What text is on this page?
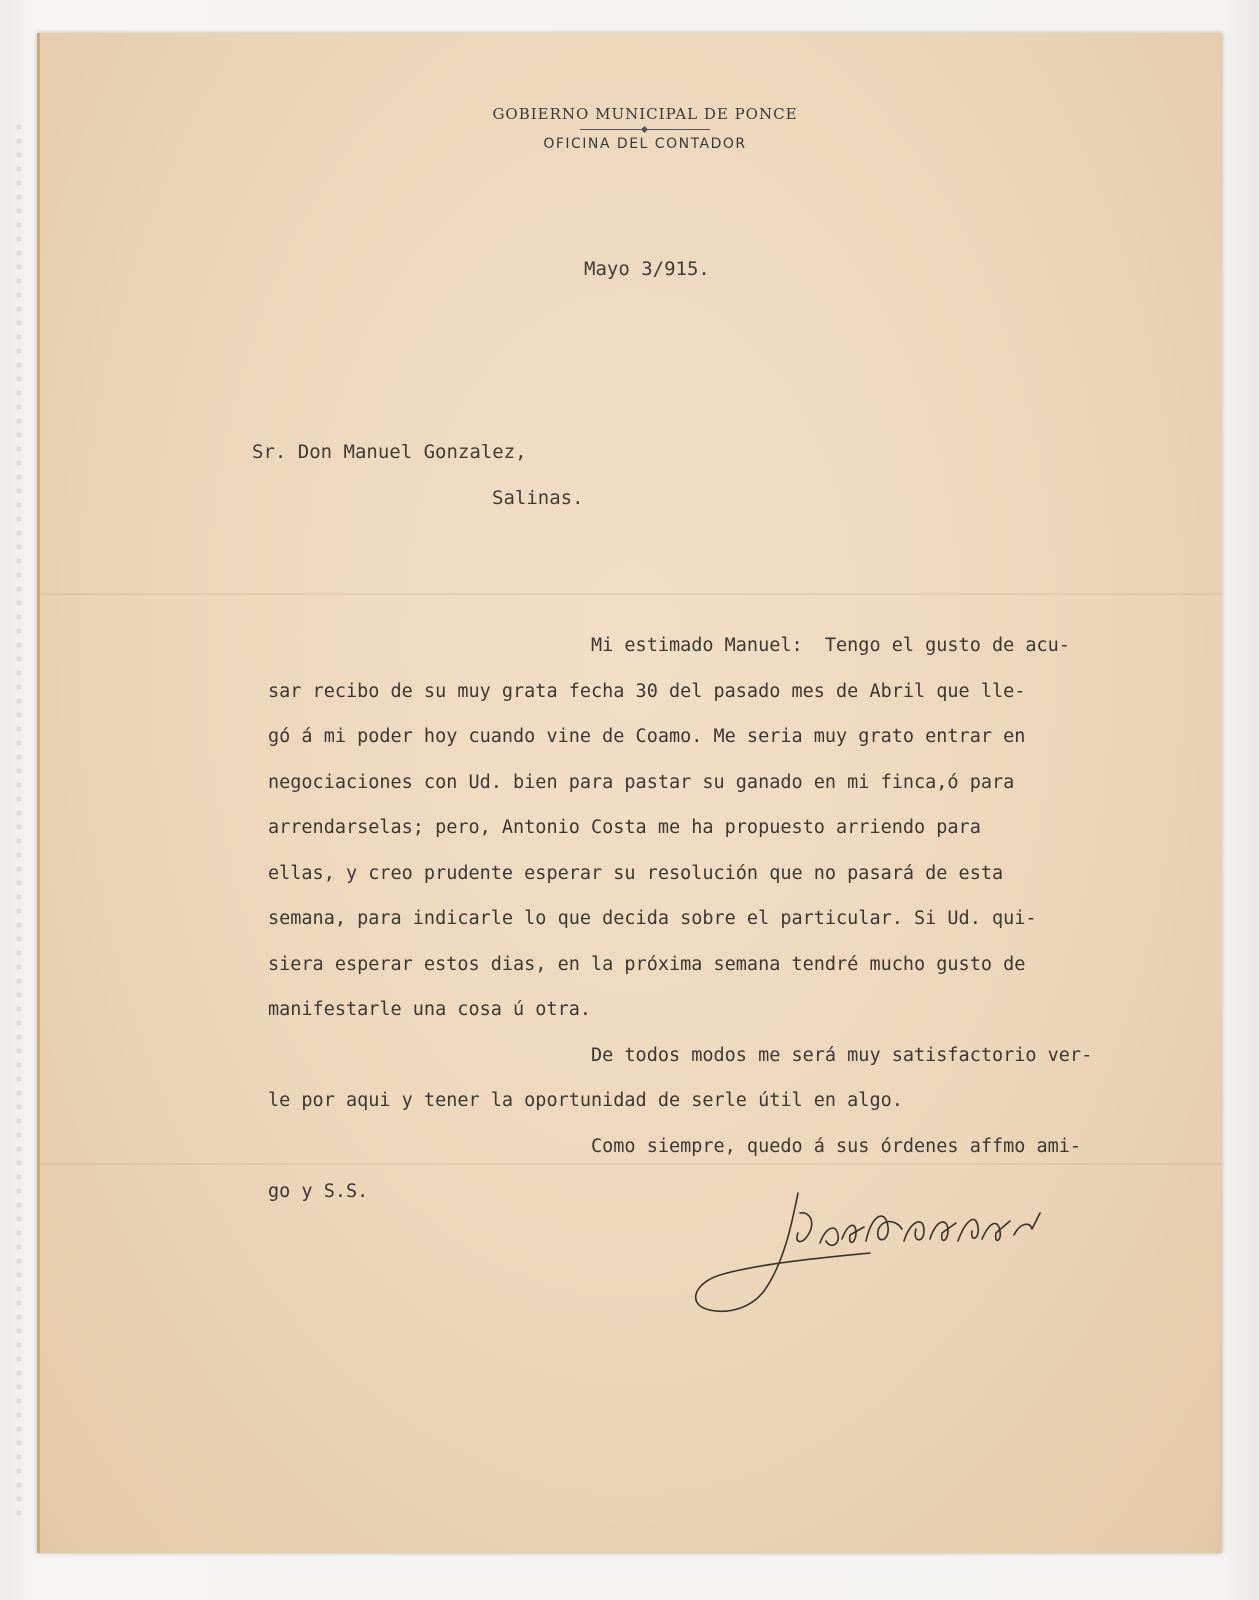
GOBIERNO MUNICIPAL DE PONCE
OFICINA DEL CONTADOR
Mayo 3/915.
Sr. Don Manuel Gonzalez,
Salinas.
Mi estimado Manuel:  Tengo el gusto de acu-
sar recibo de su muy grata fecha 30 del pasado mes de Abril que lle-
gó á mi poder hoy cuando vine de Coamo. Me seria muy grato entrar en
negociaciones con Ud. bien para pastar su ganado en mi finca,ó para
arrendarselas; pero, Antonio Costa me ha propuesto arriendo para
ellas, y creo prudente esperar su resolución que no pasará de esta
semana, para indicarle lo que decida sobre el particular. Si Ud. qui-
siera esperar estos dias, en la próxima semana tendré mucho gusto de
manifestarle una cosa ú otra.
De todos modos me será muy satisfactorio ver-
le por aqui y tener la oportunidad de serle útil en algo.
Como siempre, quedo á sus órdenes affmo ami-
go y S.S.
